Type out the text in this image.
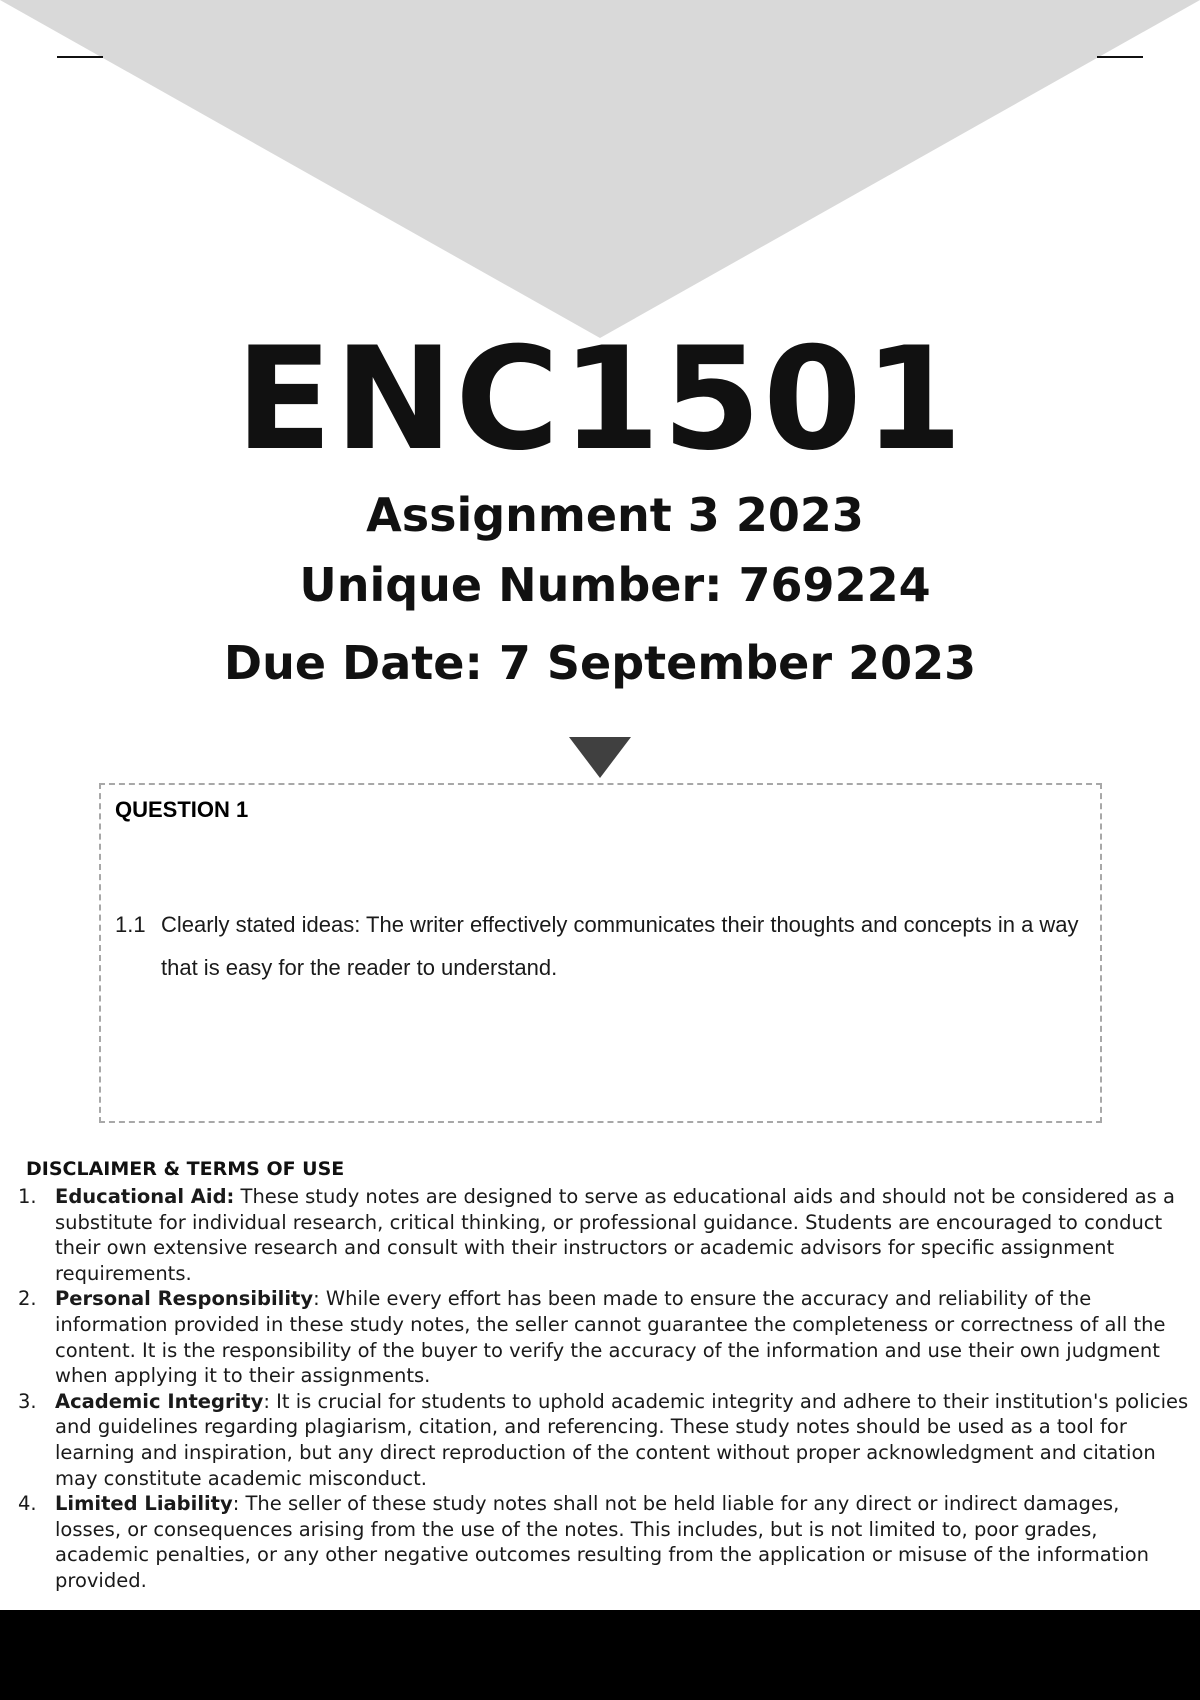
ENC1501
Assignment 3 2023
Unique Number: 769224
Due Date: 7 September 2023
QUESTION 1
1.1 Clearly stated ideas: The writer effectively communicates their thoughts and concepts in a way that is easy for the reader to understand.
DISCLAIMER & TERMS OF USE
1. Educational Aid: These study notes are designed to serve as educational aids and should not be considered as a substitute for individual research, critical thinking, or professional guidance. Students are encouraged to conduct their own extensive research and consult with their instructors or academic advisors for specific assignment requirements.
2. Personal Responsibility: While every effort has been made to ensure the accuracy and reliability of the information provided in these study notes, the seller cannot guarantee the completeness or correctness of all the content. It is the responsibility of the buyer to verify the accuracy of the information and use their own judgment when applying it to their assignments.
3. Academic Integrity: It is crucial for students to uphold academic integrity and adhere to their institution's policies and guidelines regarding plagiarism, citation, and referencing. These study notes should be used as a tool for learning and inspiration, but any direct reproduction of the content without proper acknowledgment and citation may constitute academic misconduct.
4. Limited Liability: The seller of these study notes shall not be held liable for any direct or indirect damages, losses, or consequences arising from the use of the notes. This includes, but is not limited to, poor grades, academic penalties, or any other negative outcomes resulting from the application or misuse of the information provided.
